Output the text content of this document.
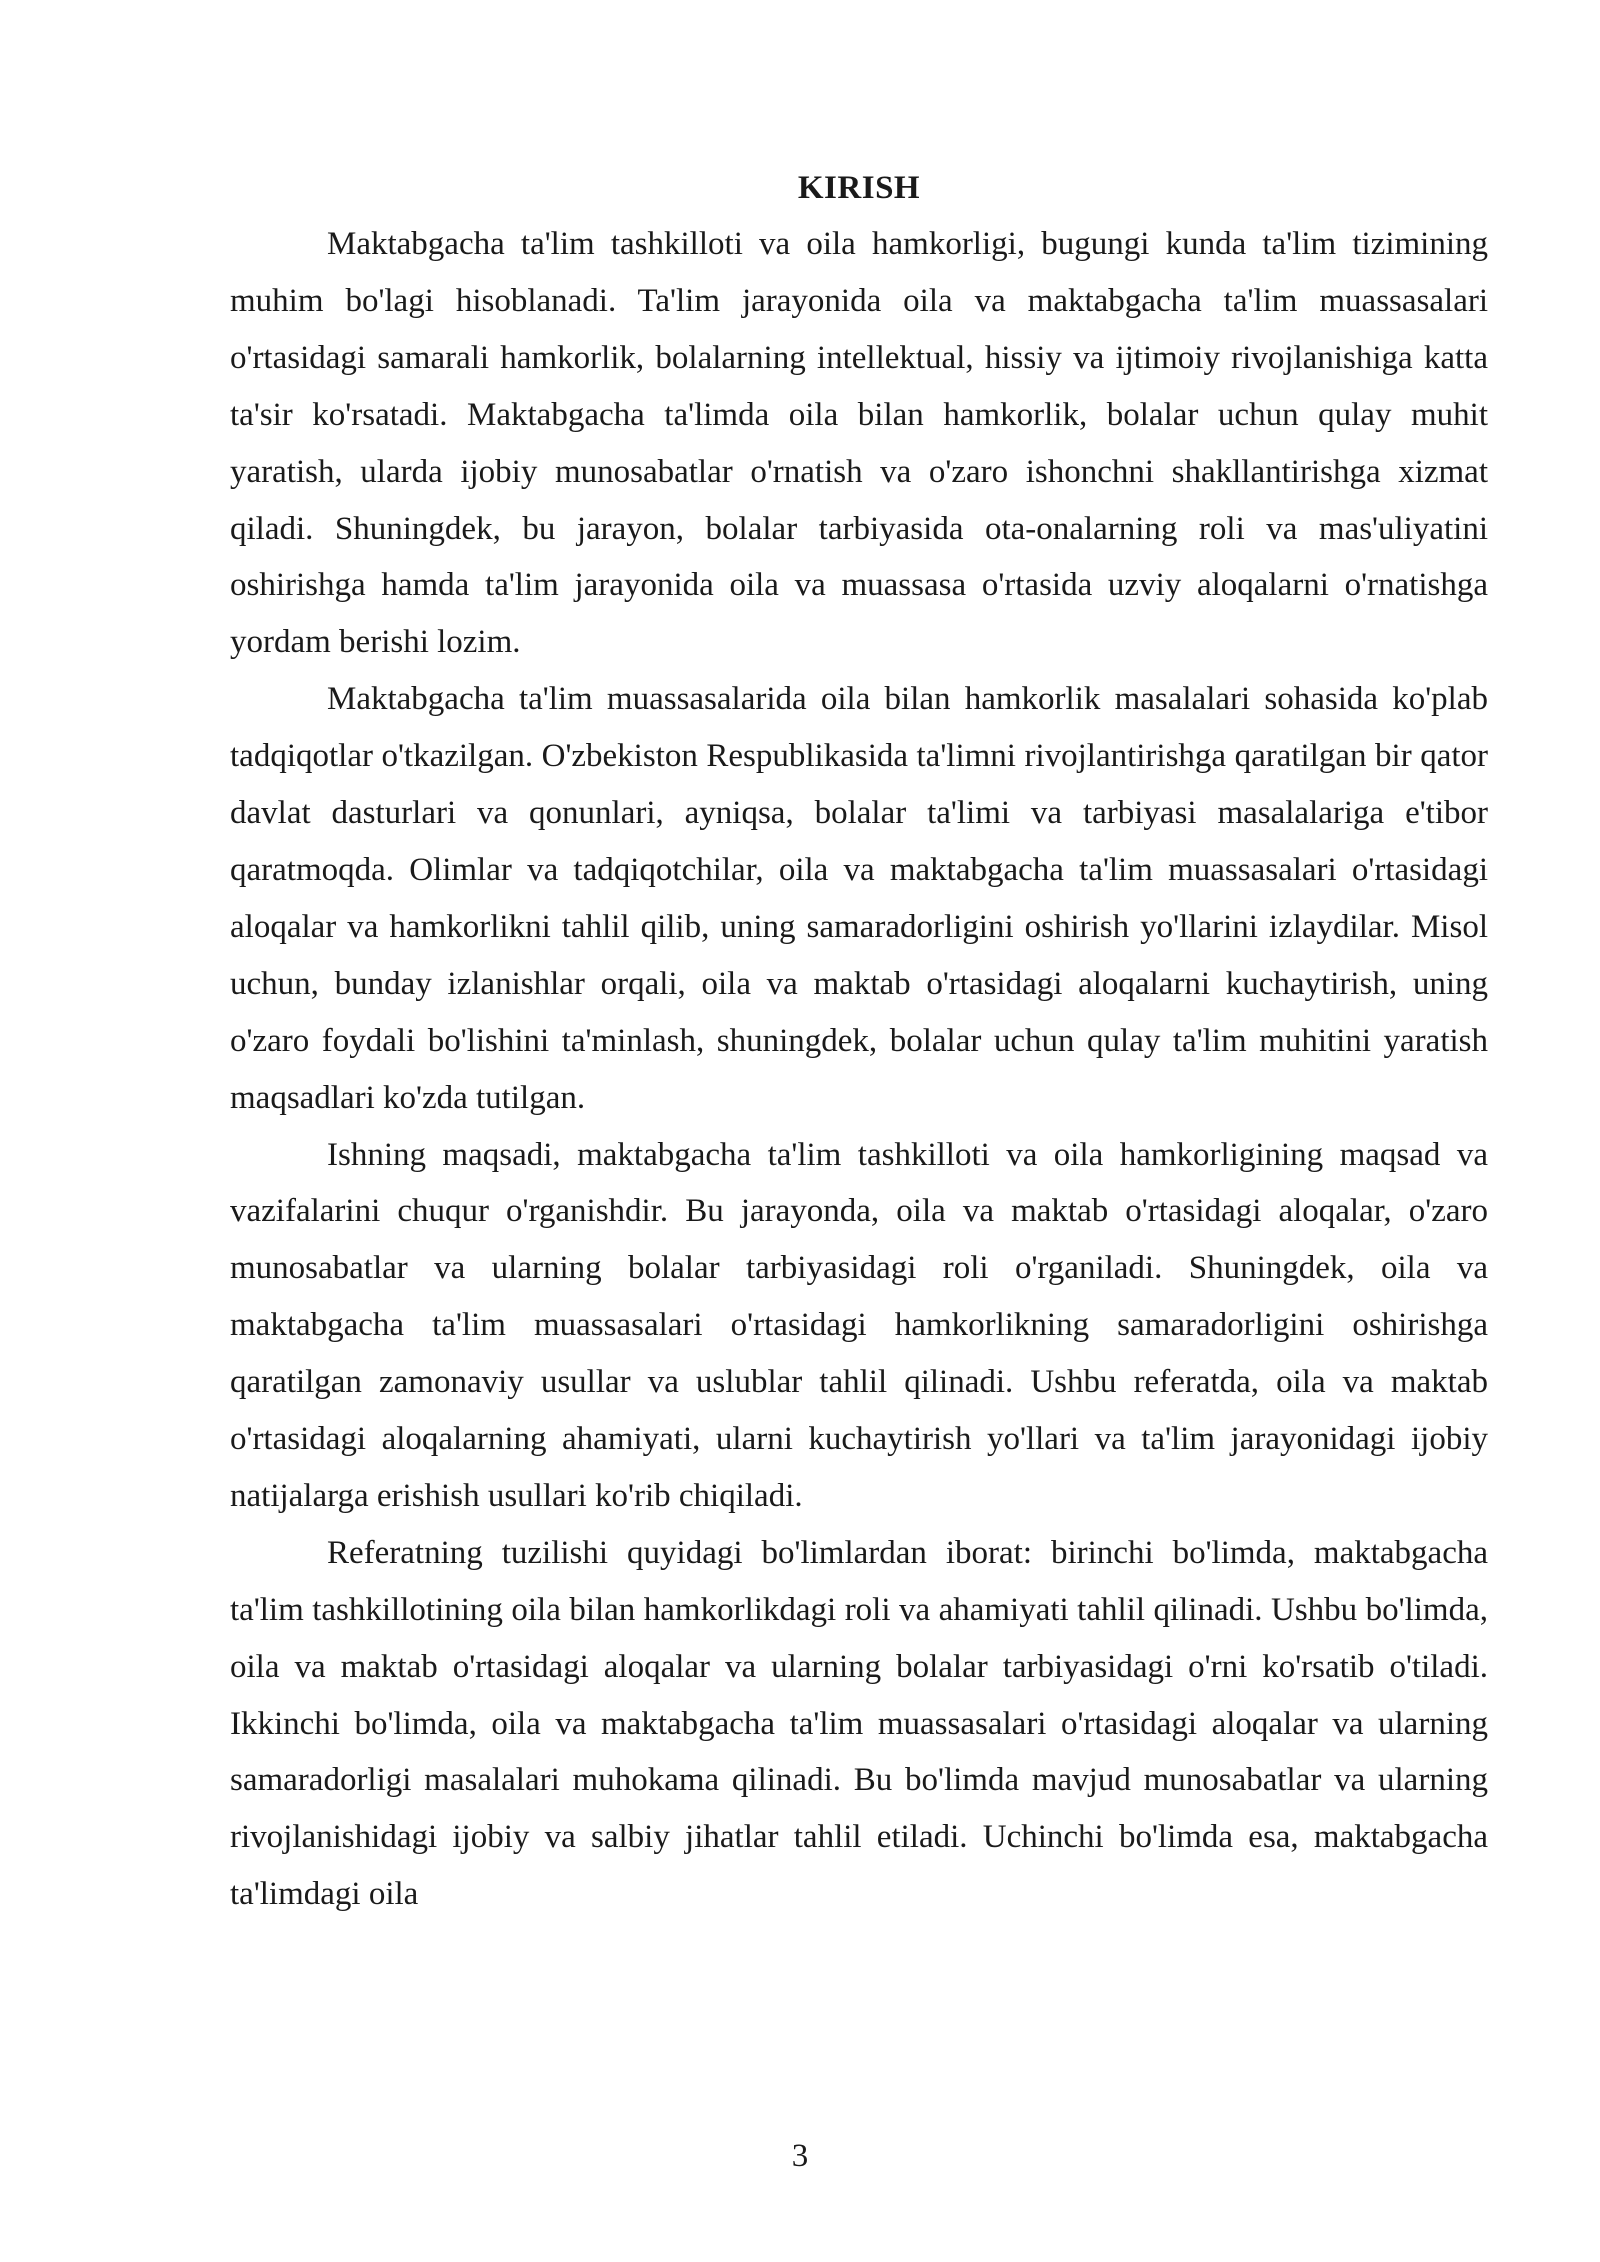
KIRISH

Maktabgacha ta'lim tashkilloti va oila hamkorligi, bugungi kunda ta'lim tizimining muhim bo'lagi hisoblanadi. Ta'lim jarayonida oila va maktabgacha ta'lim muassasalari o'rtasidagi samarali hamkorlik, bolalarning intellektual, hissiy va ijtimoiy rivojlanishiga katta ta'sir ko'rsatadi. Maktabgacha ta'limda oila bilan hamkorlik, bolalar uchun qulay muhit yaratish, ularda ijobiy munosabatlar o'rnatish va o'zaro ishonchni shakllantirishga xizmat qiladi. Shuningdek, bu jarayon, bolalar tarbiyasida ota-onalarning roli va mas'uliyatini oshirishga hamda ta'lim jarayonida oila va muassasa o'rtasida uzviy aloqalarni o'rnatishga yordam berishi lozim.

Maktabgacha ta'lim muassasalarida oila bilan hamkorlik masalalari sohasida ko'plab tadqiqotlar o'tkazilgan. O'zbekiston Respublikasida ta'limni rivojlantirishga qaratilgan bir qator davlat dasturlari va qonunlari, ayniqsa, bolalar ta'limi va tarbiyasi masalalariga e'tibor qaratmoqda. Olimlar va tadqiqotchilar, oila va maktabgacha ta'lim muassasalari o'rtasidagi aloqalar va hamkorlikni tahlil qilib, uning samaradorligini oshirish yo'llarini izlaydilar. Misol uchun, bunday izlanishlar orqali, oila va maktab o'rtasidagi aloqalarni kuchaytirish, uning o'zaro foydali bo'lishini ta'minlash, shuningdek, bolalar uchun qulay ta'lim muhitini yaratish maqsadlari ko'zda tutilgan.

Ishning maqsadi, maktabgacha ta'lim tashkilloti va oila hamkorligining maqsad va vazifalarini chuqur o'rganishdir. Bu jarayonda, oila va maktab o'rtasidagi aloqalar, o'zaro munosabatlar va ularning bolalar tarbiyasidagi roli o'rganiladi. Shuningdek, oila va maktabgacha ta'lim muassasalari o'rtasidagi hamkorlikning samaradorligini oshirishga qaratilgan zamonaviy usullar va uslublar tahlil qilinadi. Ushbu referatda, oila va maktab o'rtasidagi aloqalarning ahamiyati, ularni kuchaytirish yo'llari va ta'lim jarayonidagi ijobiy natijalarga erishish usullari ko'rib chiqiladi.

Referatning tuzilishi quyidagi bo'limlardan iborat: birinchi bo'limda, maktabgacha ta'lim tashkillotining oila bilan hamkorlikdagi roli va ahamiyati tahlil qilinadi. Ushbu bo'limda, oila va maktab o'rtasidagi aloqalar va ularning bolalar tarbiyasidagi o'rni ko'rsatib o'tiladi. Ikkinchi bo'limda, oila va maktabgacha ta'lim muassasalari o'rtasidagi aloqalar va ularning samaradorligi masalalari muhokama qilinadi. Bu bo'limda mavjud munosabatlar va ularning rivojlanishidagi ijobiy va salbiy jihatlar tahlil etiladi. Uchinchi bo'limda esa, maktabgacha ta'limdagi oila

3
